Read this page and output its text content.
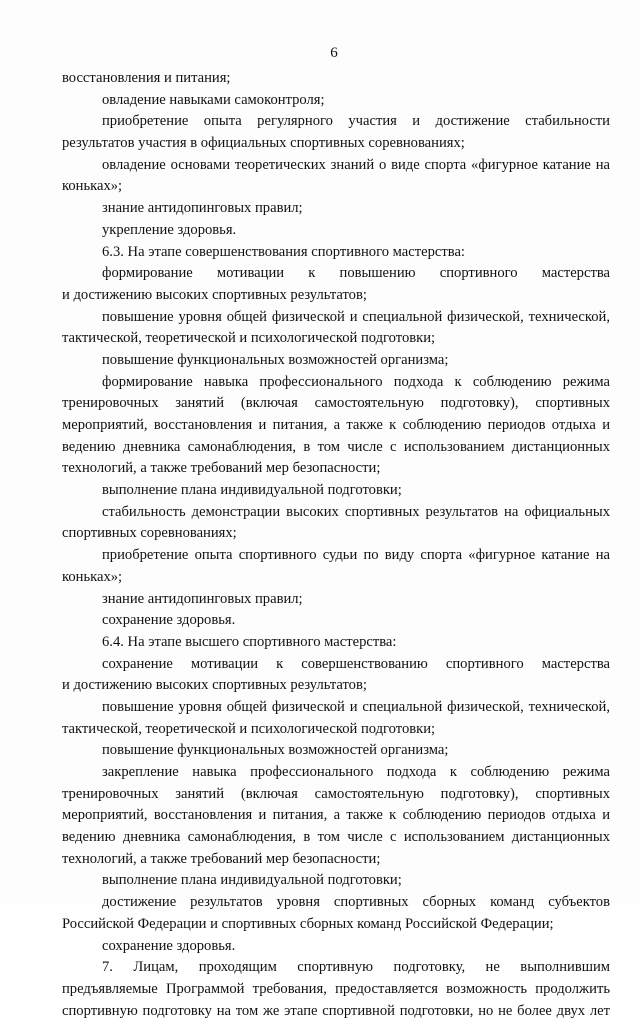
6
восстановления и питания;
овладение навыками самоконтроля;
приобретение опыта регулярного участия и достижение стабильности
результатов участия в официальных спортивных соревнованиях;
овладение основами теоретических знаний о виде спорта «фигурное катание на
коньках»;
знание антидопинговых правил;
укрепление здоровья.
6.3. На этапе совершенствования спортивного мастерства:
формирование мотивации к повышению спортивного мастерства
и достижению высоких спортивных результатов;
повышение уровня общей физической и специальной физической, технической,
тактической, теоретической и психологической подготовки;
повышение функциональных возможностей организма;
формирование навыка профессионального подхода к соблюдению режима
тренировочных занятий (включая самостоятельную подготовку), спортивных
мероприятий, восстановления и питания, а также к соблюдению периодов отдыха и
ведению дневника самонаблюдения, в том числе с использованием дистанционных
технологий, а также требований мер безопасности;
выполнение плана индивидуальной подготовки;
стабильность демонстрации высоких спортивных результатов на официальных
спортивных соревнованиях;
приобретение опыта спортивного судьи по виду спорта «фигурное катание на
коньках»;
знание антидопинговых правил;
сохранение здоровья.
6.4. На этапе высшего спортивного мастерства:
сохранение мотивации к совершенствованию спортивного мастерства
и достижению высоких спортивных результатов;
повышение уровня общей физической и специальной физической, технической,
тактической, теоретической и психологической подготовки;
повышение функциональных возможностей организма;
закрепление навыка профессионального подхода к соблюдению режима
тренировочных занятий (включая самостоятельную подготовку), спортивных
мероприятий, восстановления и питания, а также к соблюдению периодов отдыха и
ведению дневника самонаблюдения, в том числе с использованием дистанционных
технологий, а также требований мер безопасности;
выполнение плана индивидуальной подготовки;
достижение результатов уровня спортивных сборных команд субъектов
Российской Федерации и спортивных сборных команд Российской Федерации;
сохранение здоровья.
7. Лицам, проходящим спортивную подготовку, не выполнившим
предъявляемые Программой требования, предоставляется возможность продолжить
спортивную подготовку на том же этапе спортивной подготовки, но не более двух лет
